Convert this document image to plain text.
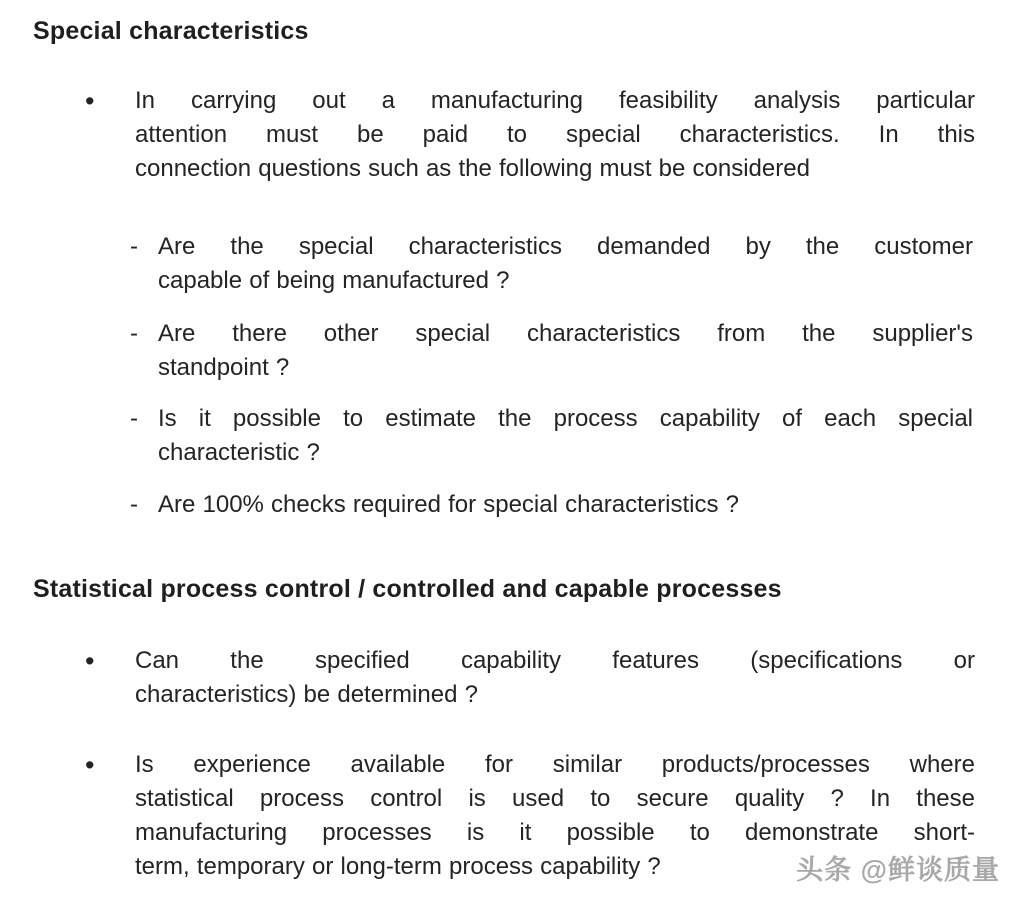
Special characteristics
•	In carrying out a manufacturing feasibility analysis particular
attention must be paid to special characteristics. In this
connection questions such as the following must be considered
- Are the special characteristics demanded by the customer
capable of being manufactured ?
- Are there other special characteristics from the supplier's
standpoint ?
- Is it possible to estimate the process capability of each special
characteristic ?
- Are 100% checks required for special characteristics ?
Statistical process control / controlled and capable processes
•	Can the specified capability features (specifications or
characteristics) be determined ?
•	Is experience available for similar products/processes where
statistical process control is used to secure quality ? In these
manufacturing processes is it possible to demonstrate short-
term, temporary or long-term process capability ?	头条 @鲜谈质量
